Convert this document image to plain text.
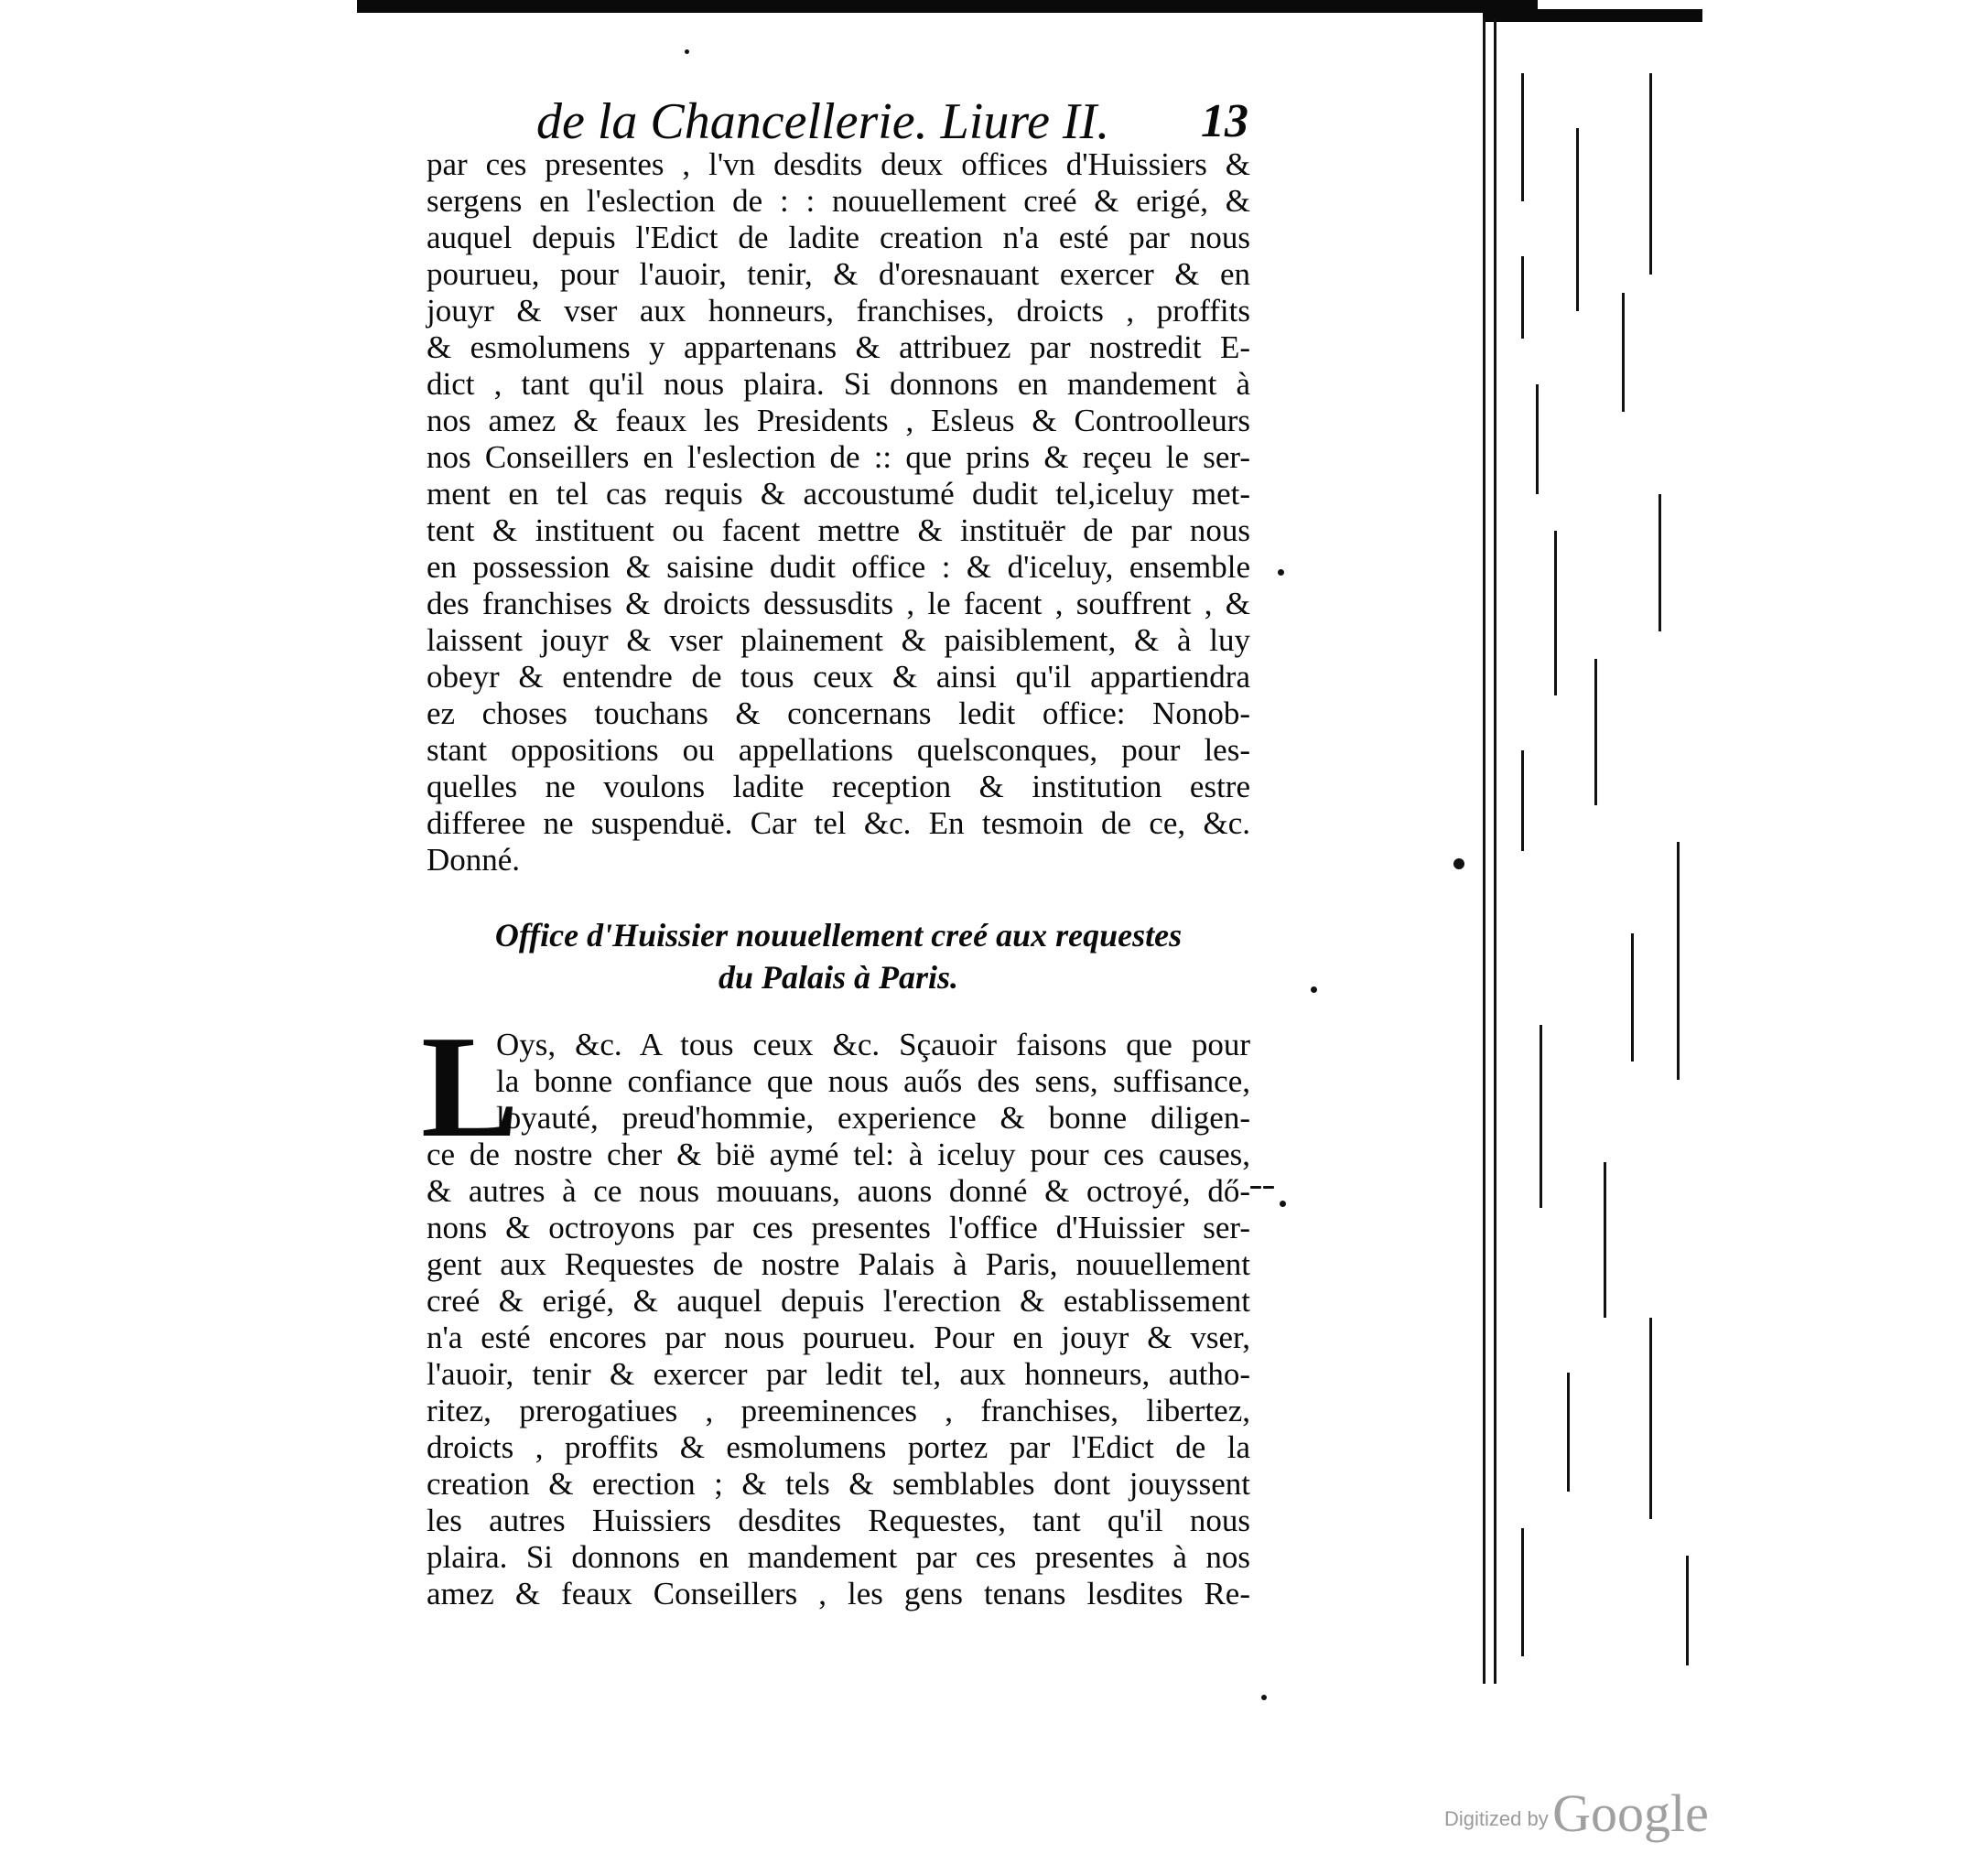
de la Chancellerie. Liure II. 13
par ces presentes , l'vn desdits deux offices d'Huissiers &
sergens en l'eslection de : : nouuellement creé & erigé, &
auquel depuis l'Edict de ladite creation n'a esté par nous
pourueu, pour l'auoir, tenir, & d'oresnauant exercer & en
jouyr & vser aux honneurs, franchises, droicts , proffits
& esmolumens y appartenans & attribuez par nostredit E-
dict , tant qu'il nous plaira. Si donnons en mandement à
nos amez & feaux les Presidents , Esleus & Controolleurs
nos Conseillers en l'eslection de :: que prins & reçeu le ser-
ment en tel cas requis & accoustumé dudit tel,iceluy met-
tent & instituent ou facent mettre & instituër de par nous
en possession & saisine dudit office : & d'iceluy, ensemble
des franchises & droicts dessusdits , le facent , souffrent , &
laissent jouyr & vser plainement & paisiblement, & à luy
obeyr & entendre de tous ceux & ainsi qu'il appartiendra
ez choses touchans & concernans ledit office: Nonob-
stant oppositions ou appellations quelsconques, pour les-
quelles ne voulons ladite reception & institution estre
differee ne suspenduë. Car tel &c. En tesmoin de ce, &c.
Donné.
Office d'Huissier nouuellement creé aux requestes
du Palais à Paris.
L
Oys, &c. A tous ceux &c. Sçauoir faisons que pour
la bonne confiance que nous auős des sens, suffisance,
loyauté, preud'hommie, experience & bonne diligen-
ce de nostre cher & bië aymé tel: à iceluy pour ces causes,
& autres à ce nous mouuans, auons donné & octroyé, dő-
nons & octroyons par ces presentes l'office d'Huissier ser-
gent aux Requestes de nostre Palais à Paris, nouuellement
creé & erigé, & auquel depuis l'erection & establissement
n'a esté encores par nous pourueu. Pour en jouyr & vser,
l'auoir, tenir & exercer par ledit tel, aux honneurs, autho-
ritez, prerogatiues , preeminences , franchises, libertez,
droicts , proffits & esmolumens portez par l'Edict de la
creation & erection ; & tels & semblables dont jouyssent
les autres Huissiers desdites Requestes, tant qu'il nous
plaira. Si donnons en mandement par ces presentes à nos
amez & feaux Conseillers , les gens tenans lesdites Re-
Digitized by Google
